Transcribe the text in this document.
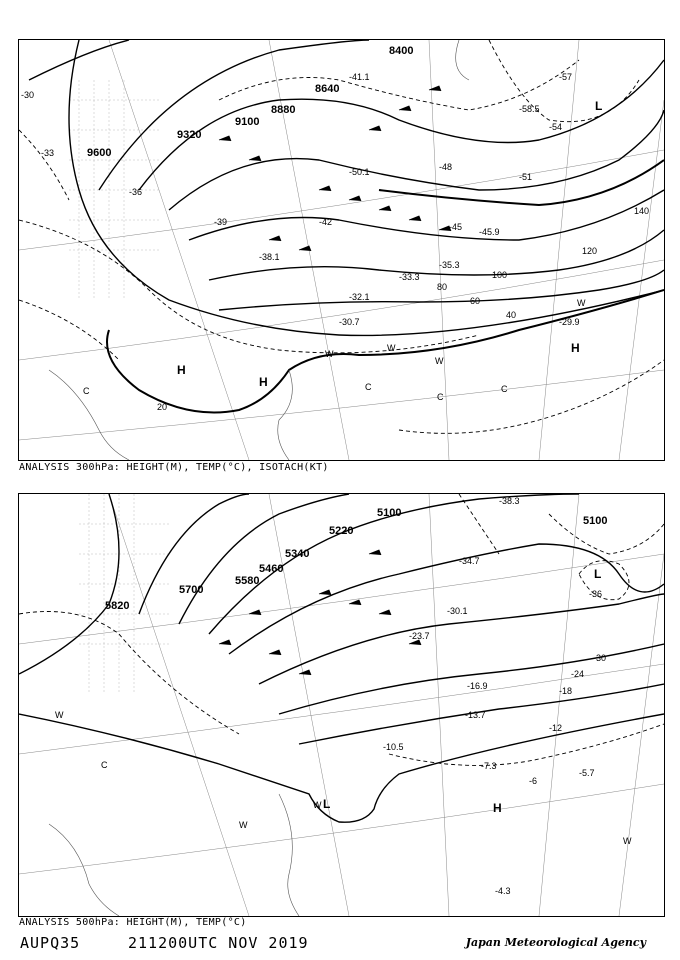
9600
9320
9100
8880
8640
8400
20
40
60
80
100
120
140
-30
-33
-36
-39	-42	-45
-48
-51
-54
-57
-33.3
-41.1
-45.9
-50.1
-58.5
-30.7	-29.9
-32.1
-35.3
-38.1
H
H
H
L
W
W
W
C	C
C
C
W
ANALYSIS 300hPa: HEIGHT(M), TEMP(°C), ISOTACH(KT)
5820
5700
5580
5460
5340
5220
5100
5100
-6
-12
-18
-24
-30
-36
-38.3
-34.7
-30.1
-23.7
-16.9
-13.7
-10.5
-7.3
-5.7
-4.3
L	H
L
W
C
W
W
W
ANALYSIS 500hPa: HEIGHT(M), TEMP(°C)
AUPQ35	211200UTC NOV 2019	Japan Meteorological Agency
